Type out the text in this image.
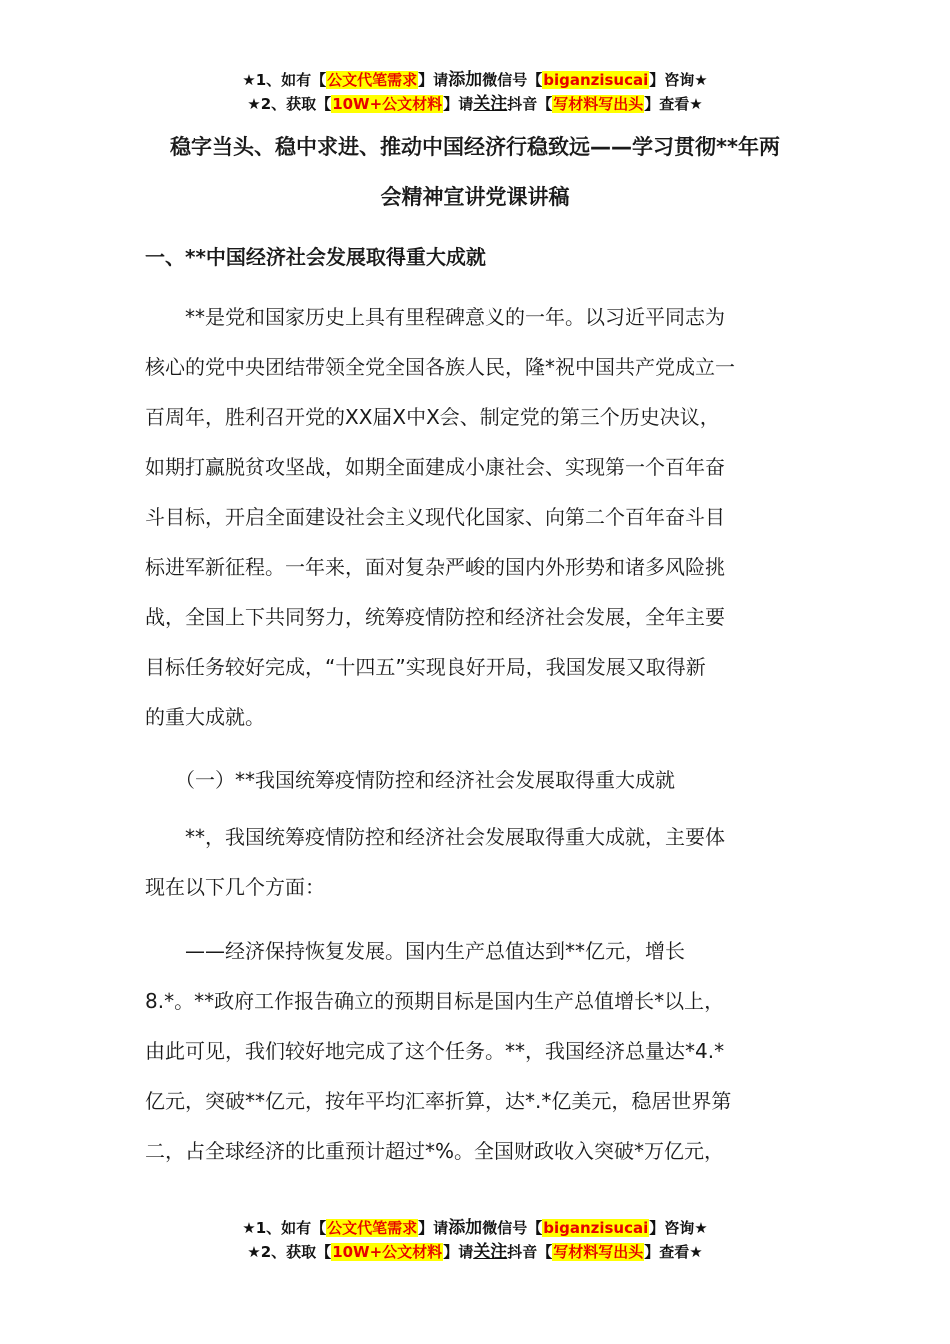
★1、如有【公文代笔需求】请添加微信号【biganzisucai】咨询★
★2、获取【10W+公文材料】请关注抖音【写材料写出头】查看★
稳字当头、稳中求进、推动中国经济行稳致远——学习贯彻**年两
会精神宣讲党课讲稿
一、**中国经济社会发展取得重大成就
　　**是党和国家历史上具有里程碑意义的一年。以习近平同志为
核心的党中央团结带领全党全国各族人民，隆*祝中国共产党成立一
百周年，胜利召开党的XX届X中X会、制定党的第三个历史决议，
如期打赢脱贫攻坚战，如期全面建成小康社会、实现第一个百年奋
斗目标，开启全面建设社会主义现代化国家、向第二个百年奋斗目
标进军新征程。一年来，面对复杂严峻的国内外形势和诸多风险挑
战，全国上下共同努力，统筹疫情防控和经济社会发展，全年主要
目标任务较好完成，“十四五”实现良好开局，我国发展又取得新
的重大成就。
　　（一）**我国统筹疫情防控和经济社会发展取得重大成就
　　**，我国统筹疫情防控和经济社会发展取得重大成就，主要体
现在以下几个方面：
　　——经济保持恢复发展。国内生产总值达到**亿元，增长
8.*。**政府工作报告确立的预期目标是国内生产总值增长*以上，
由此可见，我们较好地完成了这个任务。**，我国经济总量达*4.*
亿元，突破**亿元，按年平均汇率折算，达*.*亿美元，稳居世界第
二，占全球经济的比重预计超过*%。全国财政收入突破*万亿元，
★1、如有【公文代笔需求】请添加微信号【biganzisucai】咨询★
★2、获取【10W+公文材料】请关注抖音【写材料写出头】查看★
